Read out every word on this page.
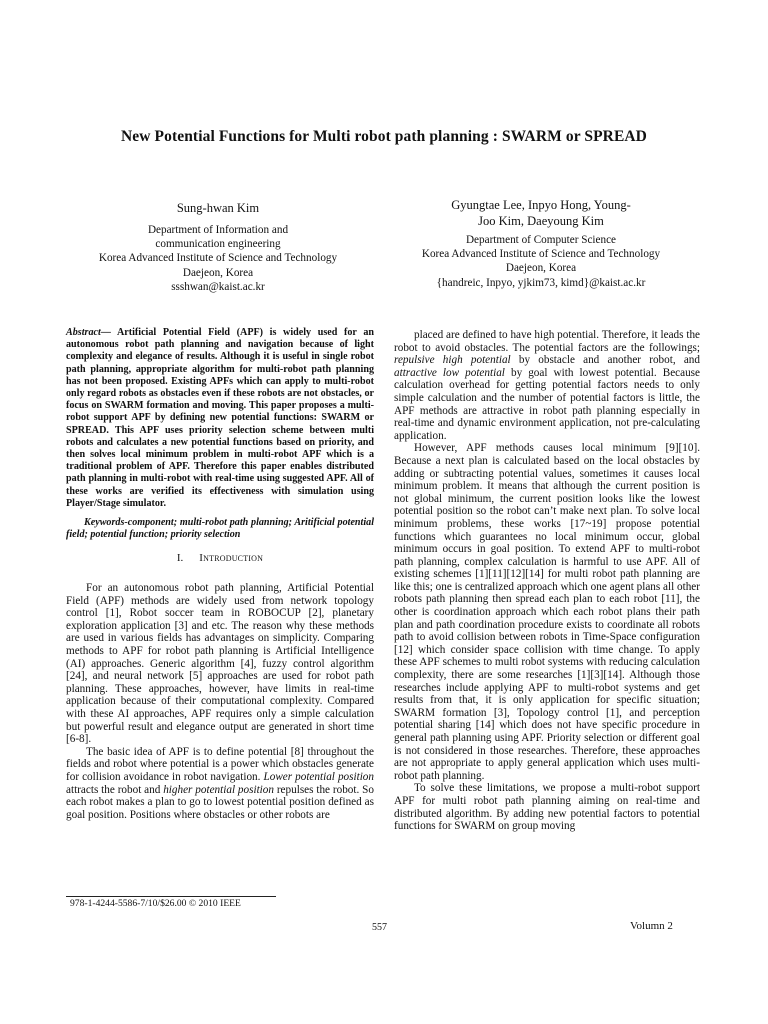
New Potential Functions for Multi robot path planning : SWARM or SPREAD
Sung-hwan Kim
Department of Information and
communication engineering
Korea Advanced Institute of Science and Technology
Daejeon, Korea
ssshwan@kaist.ac.kr
Gyungtae Lee, Inpyo Hong, Young-
Joo Kim, Daeyoung Kim
Department of Computer Science
Korea Advanced Institute of Science and Technology
Daejeon, Korea
{handreic, Inpyo, yjkim73, kimd}@kaist.ac.kr
Abstract— Artificial Potential Field (APF) is widely used for an autonomous robot path planning and navigation because of light complexity and elegance of results. Although it is useful in single robot path planning, appropriate algorithm for multi-robot path planning has not been proposed. Existing APFs which can apply to multi-robot only regard robots as obstacles even if these robots are not obstacles, or focus on SWARM formation and moving. This paper proposes a multi-robot support APF by defining new potential functions: SWARM or SPREAD. This APF uses priority selection scheme between multi robots and calculates a new potential functions based on priority, and then solves local minimum problem in multi-robot APF which is a traditional problem of APF. Therefore this paper enables distributed path planning in multi-robot with real-time using suggested APF. All of these works are verified its effectiveness with simulation using Player/Stage simulator.
Keywords-component; multi-robot path planning; Aritificial potential field; potential function; priority selection
I. Introduction

For an autonomous robot path planning, Artificial Potential Field (APF) methods are widely used from network topology control [1], Robot soccer team in ROBOCUP [2], planetary exploration application [3] and etc. The reason why these methods are used in various fields has advantages on simplicity. Comparing methods to APF for robot path planning is Artificial Intelligence (AI) approaches. Generic algorithm [4], fuzzy control algorithm [24], and neural network [5] approaches are used for robot path planning. These approaches, however, have limits in real-time application because of their computational complexity. Compared with these AI approaches, APF requires only a simple calculation but powerful result and elegance output are generated in short time [6-8].

The basic idea of APF is to define potential [8] throughout the fields and robot where potential is a power which obstacles generate for collision avoidance in robot navigation. Lower potential position attracts the robot and higher potential position repulses the robot. So each robot makes a plan to go to lowest potential position defined as goal position. Positions where obstacles or other robots are

placed are defined to have high potential. Therefore, it leads the robot to avoid obstacles. The potential factors are the followings; repulsive high potential by obstacle and another robot, and attractive low potential by goal with lowest potential. Because calculation overhead for getting potential factors needs to only simple calculation and the number of potential factors is little, the APF methods are attractive in robot path planning especially in real-time and dynamic environment application, not pre-calculating application.

However, APF methods causes local minimum [9][10]. Because a next plan is calculated based on the local obstacles by adding or subtracting potential values, sometimes it causes local minimum problem. It means that although the current position is not global minimum, the current position looks like the lowest potential position so the robot can’t make next plan. To solve local minimum problems, these works [17~19] propose potential functions which guarantees no local minimum occur, global minimum occurs in goal position. To extend APF to multi-robot path planning, complex calculation is harmful to use APF. All of existing schemes [1][11][12][14] for multi robot path planning are like this; one is centralized approach which one agent plans all other robots path planning then spread each plan to each robot [11], the other is coordination approach which each robot plans their path plan and path coordination procedure exists to coordinate all robots path to avoid collision between robots in Time-Space configuration [12] which consider space collision with time change. To apply these APF schemes to multi robot systems with reducing calculation complexity, there are some researches [1][3][14]. Although those researches include applying APF to multi-robot systems and get results from that, it is only application for specific situation; SWARM formation [3], Topology control [1], and perception potential sharing [14] which does not have specific procedure in general path planning using APF. Priority selection or different goal is not considered in those researches. Therefore, these approaches are not appropriate to apply general application which uses multi-robot path planning.

To solve these limitations, we propose a multi-robot support APF for multi robot path planning aiming on real-time and distributed algorithm. By adding new potential factors to potential functions for SWARM on group moving

978-1-4244-5586-7/10/$26.00 © 2010 IEEE
557	Volumn 2
